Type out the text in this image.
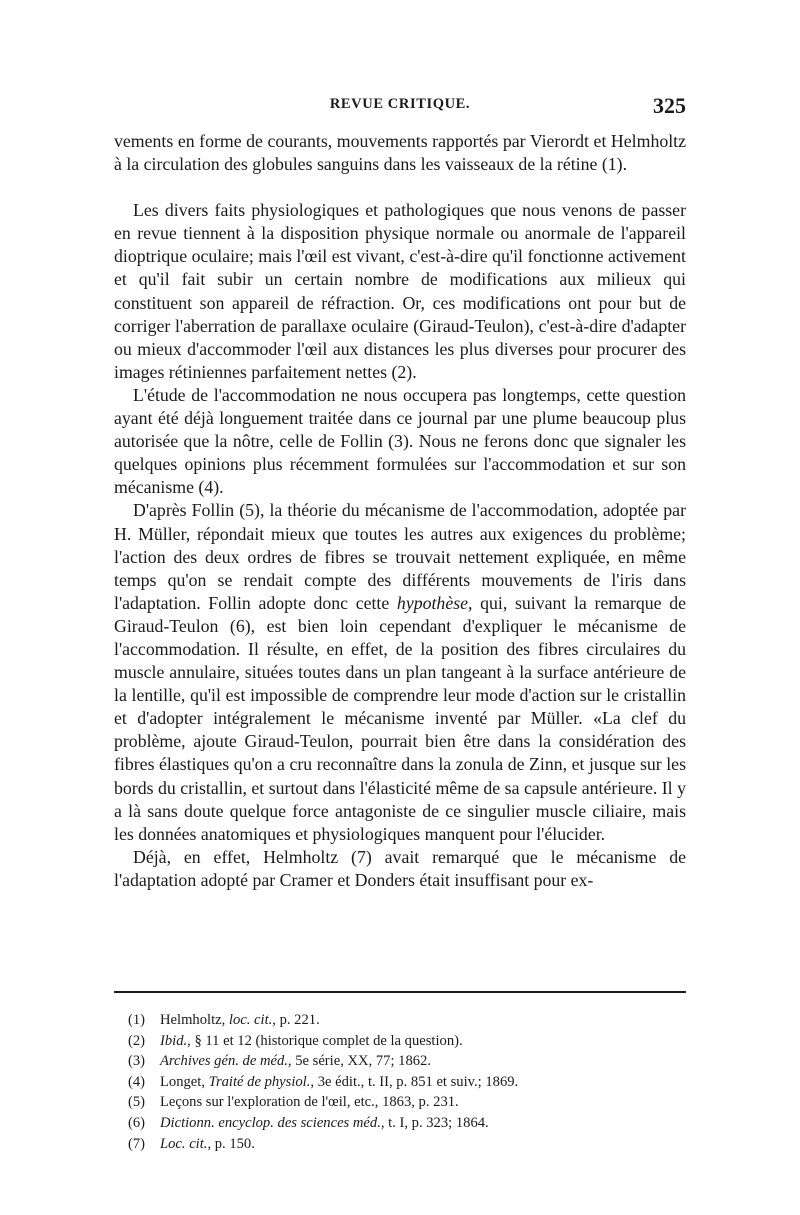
REVUE CRITIQUE.	325

vements en forme de courants, mouvements rapportés par Vierordt et Helmholtz à la circulation des globules sanguins dans les vaisseaux de la rétine (1).

Les divers faits physiologiques et pathologiques que nous venons de passer en revue tiennent à la disposition physique normale ou anormale de l'appareil dioptrique oculaire; mais l'œil est vivant, c'est-à-dire qu'il fonctionne activement et qu'il fait subir un certain nombre de modifications aux milieux qui constituent son appareil de réfraction. Or, ces modifications ont pour but de corriger l'aberration de parallaxe oculaire (Giraud-Teulon), c'est-à-dire d'adapter ou mieux d'accommoder l'œil aux distances les plus diverses pour procurer des images rétiniennes parfaitement nettes (2).

L'étude de l'accommodation ne nous occupera pas longtemps, cette question ayant été déjà longuement traitée dans ce journal par une plume beaucoup plus autorisée que la nôtre, celle de Follin (3). Nous ne ferons donc que signaler les quelques opinions plus récemment formulées sur l'accommodation et sur son mécanisme (4).

D'après Follin (5), la théorie du mécanisme de l'accommodation, adoptée par H. Müller, répondait mieux que toutes les autres aux exigences du problème; l'action des deux ordres de fibres se trouvait nettement expliquée, en même temps qu'on se rendait compte des différents mouvements de l'iris dans l'adaptation. Follin adopte donc cette hypothèse, qui, suivant la remarque de Giraud-Teulon (6), est bien loin cependant d'expliquer le mécanisme de l'accommodation. Il résulte, en effet, de la position des fibres circulaires du muscle annulaire, situées toutes dans un plan tangeant à la surface antérieure de la lentille, qu'il est impossible de comprendre leur mode d'action sur le cristallin et d'adopter intégralement le mécanisme inventé par Müller. «La clef du problème, ajoute Giraud-Teulon, pourrait bien être dans la considération des fibres élastiques qu'on a cru reconnaître dans la zonula de Zinn, et jusque sur les bords du cristallin, et surtout dans l'élasticité même de sa capsule antérieure. Il y a là sans doute quelque force antagoniste de ce singulier muscle ciliaire, mais les données anatomiques et physiologiques manquent pour l'élucider.

Déjà, en effet, Helmholtz (7) avait remarqué que le mécanisme de l'adaptation adopté par Cramer et Donders était insuffisant pour ex-

(1)	Helmholtz, loc. cit., p. 221.
(2)	Ibid., § 11 et 12 (historique complet de la question).
(3)	Archives gén. de méd., 5e série, XX, 77; 1862.
(4)	Longet, Traité de physiol., 3e édit., t. II, p. 851 et suiv.; 1869.
(5)	Leçons sur l'exploration de l'œil, etc., 1863, p. 231.
(6)	Dictionn. encyclop. des sciences méd., t. I, p. 323; 1864.
(7)	Loc. cit., p. 150.
